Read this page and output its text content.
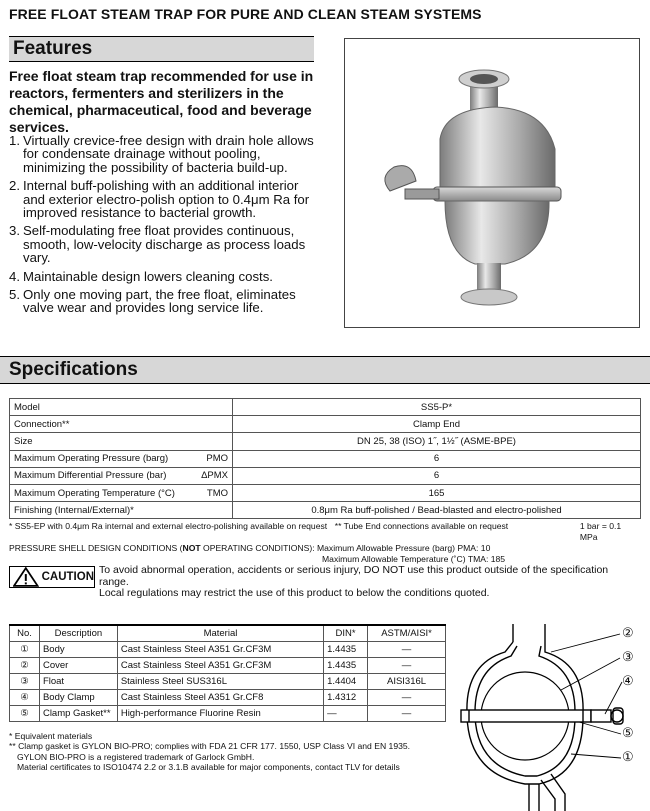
FREE FLOAT STEAM TRAP FOR PURE AND CLEAN STEAM SYSTEMS
Features
Free float steam trap recommended for use in reactors, fermenters and sterilizers in the chemical, pharmaceutical, food and beverage services.
1. Virtually crevice-free design with drain hole allows for condensate drainage without pooling, minimizing the possibility of bacteria build-up.
2. Internal buff-polishing with an additional interior and exterior electro-polish option to 0.4μm Ra for improved resistance to bacterial growth.
3. Self-modulating free float provides continuous, smooth, low-velocity discharge as process loads vary.
4. Maintainable design lowers cleaning costs.
5. Only one moving part, the free float, eliminates valve wear and provides long service life.
Specifications
Model	SS5-P*

Connection**	Clamp End

Size	DN 25, 38 (ISO) 1˝, 1½˝ (ASME-BPE)

Maximum Operating Pressure (barg) PMO	6

Maximum Differential Pressure (bar) ΔPMX	6

Maximum Operating Temperature (°C) TMO	165

Finishing (Internal/External)*	0.8μm Ra buff-polished / Bead-blasted and electro-polished
* SS5-EP with 0.4μm Ra internal and external electro-polishing available on request ** Tube End connections available on request	1 bar = 0.1 MPa
PRESSURE SHELL DESIGN CONDITIONS (NOT OPERATING CONDITIONS): Maximum Allowable Pressure (barg) PMA: 10
Maximum Allowable Temperature (˚C) TMA: 185
CAUTION
To avoid abnormal operation, accidents or serious injury, DO NOT use this product outside of the specification range.
Local regulations may restrict the use of this product to below the conditions quoted.
No.	Description	Material	DIN*	ASTM/AISI*
①	Body	Cast Stainless Steel A351 Gr.CF3M	1.4435	—
②	Cover	Cast Stainless Steel A351 Gr.CF3M	1.4435	—
③	Float	Stainless Steel SUS316L	1.4404	AISI316L
④	Body Clamp	Cast Stainless Steel A351 Gr.CF8	1.4312	—
⑤	Clamp Gasket**	High-performance Fluorine Resin	—	—
* Equivalent materials
** Clamp gasket is GYLON BIO-PRO; complies with FDA 21 CFR 177. 1550, USP Class VI and EN 1935.
GYLON BIO-PRO is a registered trademark of Garlock GmbH.
Material certificates to ISO10474 2.2 or 3.1.B available for major components, contact TLV for details
②
③
④
⑤
①
